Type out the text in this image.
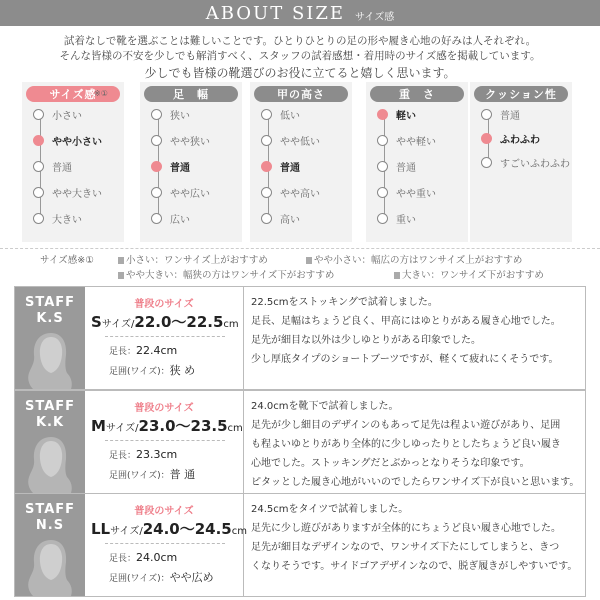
ABOUT SIZE サイズ感
試着なしで靴を選ぶことは難しいことです。ひとりひとりの足の形や履き心地の好みは人それぞれ。
そんな皆様の不安を少しでも解消すべく、スタッフの試着感想・着用時のサイズ感を掲載しています。
少しでも皆様の靴選びのお役に立てると嬉しく思います。
サイズ感
※①
小さい
やや小さい
普通
やや大きい
大きい
足　幅
狭い
やや狭い
普通
やや広い
広い
甲の高さ
低い
やや低い
普通
やや高い
高い
重　さ
軽い
やや軽い
普通
やや重い
重い
クッション性
普通
ふわふわ
すごいふわふわ
サイズ感※①	小さい：ワンサイズ上がおすすめ	やや小さい：幅広の方はワンサイズ上がおすすめ
やや大きい：幅狭の方はワンサイズ下がおすすめ	大きい：ワンサイズ下がおすすめ
STAFF
K.S
普段のサイズ
Sサイズ/22.0〜22.5cm
足長：22.4cm
足囲(ワイズ)：狭 め
22.5cmをストッキングで試着しました。
足長、足幅はちょうど良く、甲高にはゆとりがある履き心地でした。
足先が細目な以外は少しゆとりがある印象でした。
少し厚底タイプのショートブーツですが、軽くて疲れにくそうです。
STAFF
K.K
普段のサイズ
Mサイズ/23.0〜23.5cm
足長：23.3cm
足囲(ワイズ)：普 通
24.0cmを靴下で試着しました。
足先が少し細目のデザインのもあって足先は程よい遊びがあり、足囲
も程よいゆとりがあり全体的に少しゆったりとしたちょうど良い履き
心地でした。ストッキングだとぶかっとなりそうな印象です。
ピタッとした履き心地がいいのでしたらワンサイズ下が良いと思います。
STAFF
N.S
普段のサイズ
LLサイズ/24.0〜24.5cm
足長：24.0cm
足囲(ワイズ)：やや広め
24.5cmをタイツで試着しました。
足先に少し遊びがありますが全体的にちょうど良い履き心地でした。
足先が細目なデザインなので、ワンサイズ下たにしてしまうと、きつ
くなりそうです。サイドゴアデザインなので、脱ぎ履きがしやすいです。
